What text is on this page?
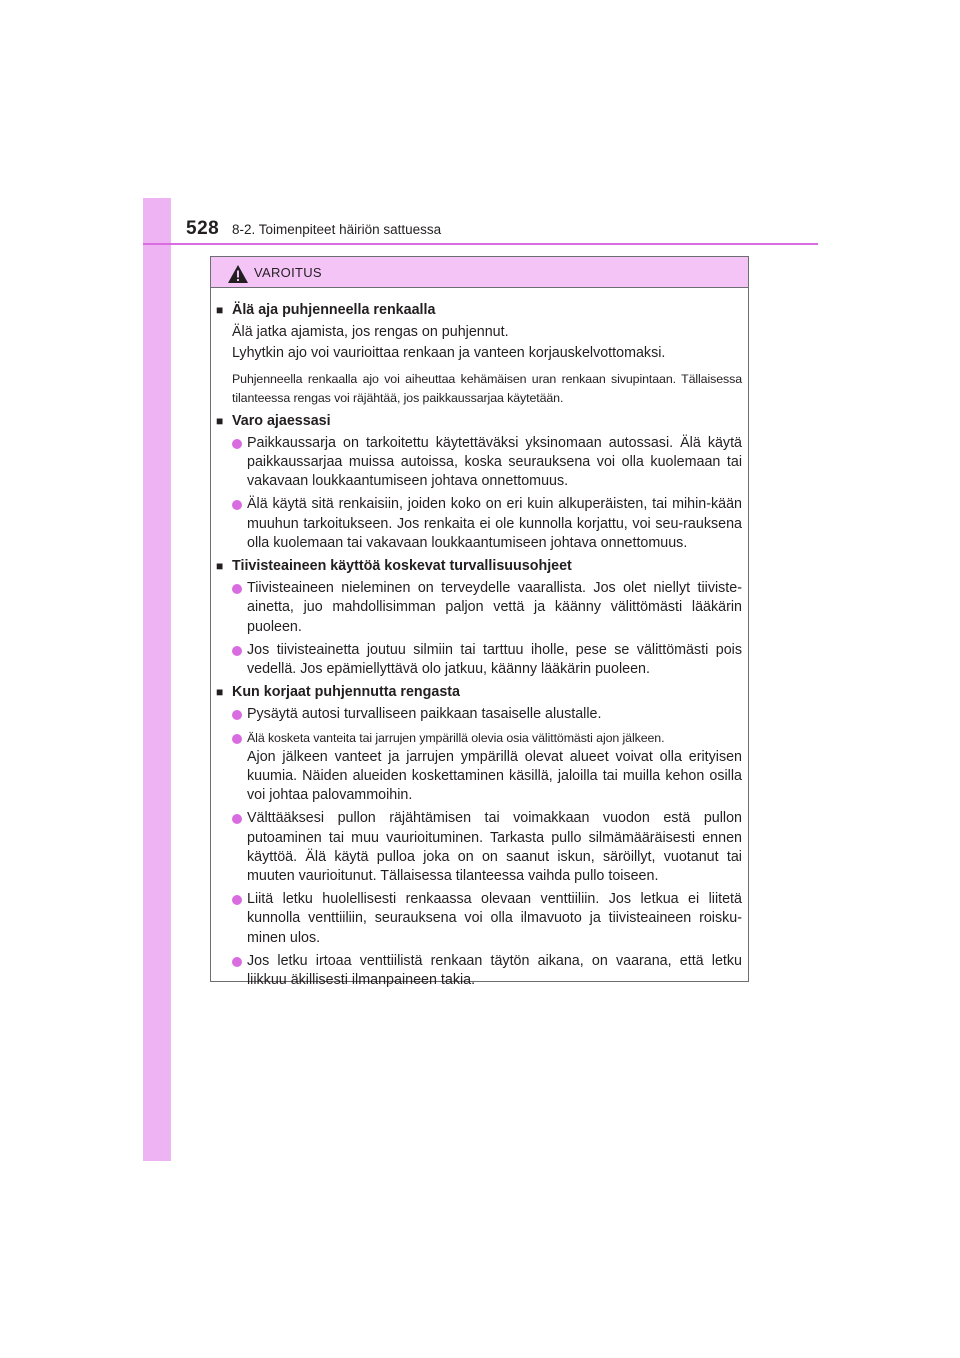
528 8-2. Toimenpiteet häiriön sattuessa
VAROITUS
■ Älä aja puhjenneella renkaalla
Älä jatka ajamista, jos rengas on puhjennut.
Lyhytkin ajo voi vaurioittaa renkaan ja vanteen korjauskelvottomaksi.
Puhjenneella renkaalla ajo voi aiheuttaa kehämäisen uran renkaan sivupintaan. Tällaisessa tilanteessa rengas voi räjähtää, jos paikkaussarjaa käytetään.
■ Varo ajaessasi
Paikkaussarja on tarkoitettu käytettäväksi yksinomaan autossasi. Älä käytä paikkaussarjaa muissa autoissa, koska seurauksena voi olla kuolemaan tai vakavaan loukkaantumiseen johtava onnettomuus.
Älä käytä sitä renkaisiin, joiden koko on eri kuin alkuperäisten, tai mihin-kään muuhun tarkoitukseen. Jos renkaita ei ole kunnolla korjattu, voi seu-rauksena olla kuolemaan tai vakavaan loukkaantumiseen johtava onnettomuus.
■ Tiivisteaineen käyttöä koskevat turvallisuusohjeet
Tiivisteaineen nieleminen on terveydelle vaarallista. Jos olet niellyt tiiviste-ainetta, juo mahdollisimman paljon vettä ja käänny välittömästi lääkärin puoleen.
Jos tiivisteainetta joutuu silmiin tai tarttuu iholle, pese se välittömästi pois vedellä. Jos epämiellyttävä olo jatkuu, käänny lääkärin puoleen.
■ Kun korjaat puhjennutta rengasta
Pysäytä autosi turvalliseen paikkaan tasaiselle alustalle.
Älä kosketa vanteita tai jarrujen ympärillä olevia osia välittömästi ajon jälkeen.
Ajon jälkeen vanteet ja jarrujen ympärillä olevat alueet voivat olla erityisen kuumia. Näiden alueiden koskettaminen käsillä, jaloilla tai muilla kehon osilla voi johtaa palovammoihin.
Välttääksesi pullon räjähtämisen tai voimakkaan vuodon estä pullon putoaminen tai muu vaurioituminen. Tarkasta pullo silmämääräisesti ennen käyttöä. Älä käytä pulloa joka on on saanut iskun, säröillyt, vuotanut tai muuten vaurioitunut. Tällaisessa tilanteessa vaihda pullo toiseen.
Liitä letku huolellisesti renkaassa olevaan venttiiliin. Jos letkua ei liitetä kunnolla venttiiliin, seurauksena voi olla ilmavuoto ja tiivisteaineen roisku-minen ulos.
Jos letku irtoaa venttiilistä renkaan täytön aikana, on vaarana, että letku liikkuu äkillisesti ilmanpaineen takia.
